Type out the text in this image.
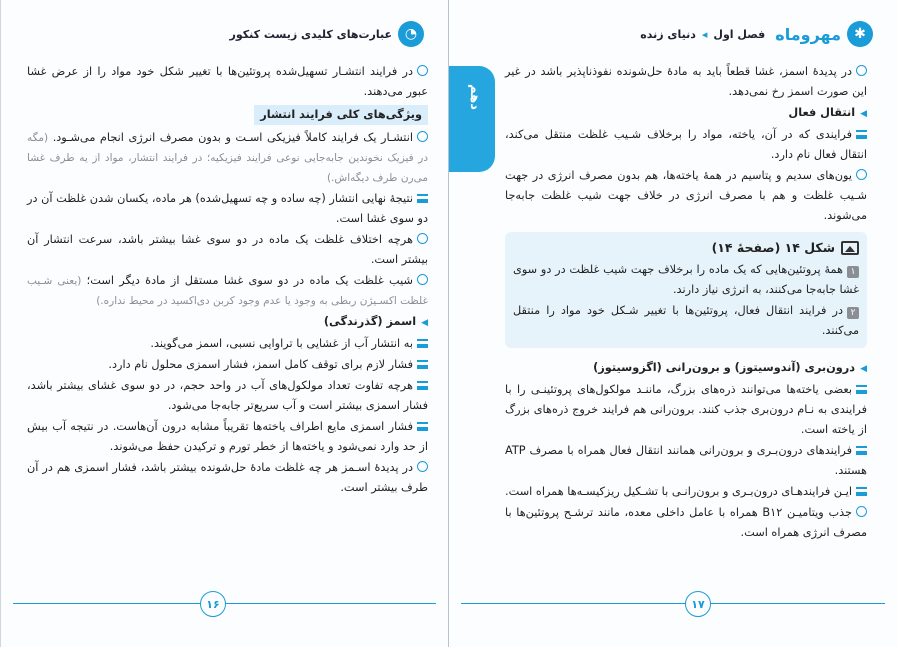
◔
عبارت‌های کلیدی زیست کنکور
در فرایند انتشـار تسهیل‌شده پروتئین‌ها با تغییر شکل خود مواد را از عرض غشا عبور می‌دهند.
ویژگی‌های کلی فرایند انتشار
انتشـار یک فرایند کاملاً فیزیکی اسـت و بدون مصرف انرژی انجام می‌شـود. (مگه در فیزیک نخوندین جابه‌جایی نوعی فرایند فیزیکیه؛ در فرایند انتشار، مواد از یه طرف غشا می‌رن طرف دیگه‌اش.)
نتیجهٔ نهایی انتشار (چه ساده و چه تسهیل‌شده) هر ماده، یکسان شدن غلظت آن در دو سوی غشا است.
هرچه اختلاف غلظت یک ماده در دو سوی غشا بیشتر باشد، سرعت انتشار آن بیشتر است.
شیب غلظت یک ماده در دو سوی غشا مستقل از مادهٔ دیگر است؛ (یعنی شـیب غلظت اکسـیژن ربطی به وجود یا عدم وجود کربن دی‌اکسید در محیط نداره.)
◀ اسمز (گذرندگی)
به انتشار آب از غشایی با تراوایی نسبی، اسمز می‌گویند.
فشار لازم برای توقف کامل اسمز، فشار اسمزی محلول نام دارد.
هرچه تفاوت تعداد مولکول‌های آب در واحد حجم، در دو سوی غشای بیشتر باشد، فشار اسمزی بیشتر است و آب سریع‌تر جابه‌جا می‌شود.
فشار اسمزی مایع اطراف یاخته‌ها تقریباً مشابه درون آن‌هاست. در نتیجه آب بیش از حد وارد نمی‌شود و یاخته‌ها از خطر تورم و ترکیدن حفظ می‌شوند.
در پدیدهٔ اسـمز هر چه غلظت مادهٔ حل‌شونده بیشتر باشد، فشار اسمزی هم در آن طرف بیشتر است.
۱۶
✱
مهروماه
فصل اول
◂
دنیای زنده
دهم
در پدیدهٔ اسمز، غشا قطعاً باید به مادهٔ حل‌شونده نفوذناپذیر باشد در غیر این صورت اسمز رخ نمی‌دهد.
◀ انتقال فعال
فرایندی که در آن، یاخته، مواد را برخلاف شـیب غلظت منتقل می‌کند، انتقال فعال نام دارد.
یون‌های سدیم و پتاسیم در همهٔ یاخته‌ها، هم بدون مصرف انرژی در جهت شـیب غلظت و هم با مصرف انرژی در خلاف جهت شیب غلظت جابه‌جا می‌شوند.
شکل ۱۴ (صفحهٔ ۱۴)
۱همهٔ پروتئین‌هایی که یک ماده را برخلاف جهت شیب غلظت در دو سوی غشا جابه‌جا می‌کنند، به انرژی نیاز دارند.
۲در فرایند انتقال فعال، پروتئین‌ها با تغییر شـکل خود مواد را منتقل می‌کنند.
◀ درون‌بری (آندوسیتوز) و برون‌رانی (اگزوسیتوز)
بعضی یاخته‌ها می‌توانند ذره‌های بزرگ، ماننـد مولکول‌های پروتئینـی را با فرایندی به نـام درون‌بری جذب کنند. برون‌رانی هم فرایند خروج ذره‌های بزرگ از یاخته است.
فرایندهای درون‌بـری و برون‌رانی همانند انتقال فعال همراه با مصرف ATP هستند.
ایـن فرایندهـای درون‌بـری و برون‌رانـی با تشـکیل ریزکیسـه‌ها همراه است.
جذب ویتامیـن B۱۲ همراه با عامل داخلی معده، مانند ترشـح پروتئین‌ها با مصرف انرژی همراه است.
۱۷
